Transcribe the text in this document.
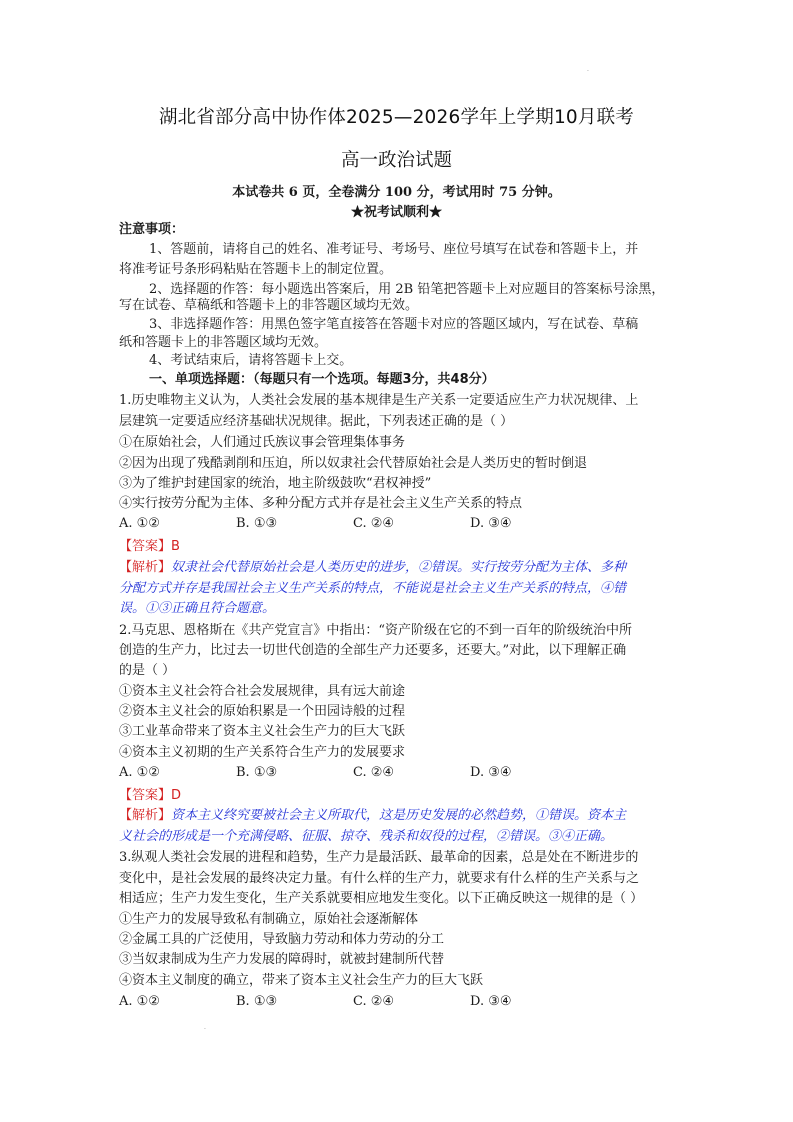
.
湖北省部分高中协作体2025—2026学年上学期10月联考
高一政治试题
本试卷共 6 页，全卷满分 100 分，考试用时 75 分钟。
★祝考试顺利★
注意事项：
1、答题前，请将自己的姓名、准考证号、考场号、座位号填写在试卷和答题卡上，并
将准考证号条形码粘贴在答题卡上的制定位置。
2、选择题的作答：每小题选出答案后，用 2B 铅笔把答题卡上对应题目的答案标号涂黑，
写在试卷、草稿纸和答题卡上的非答题区域均无效。
3、非选择题作答：用黑色签字笔直接答在答题卡对应的答题区域内，写在试卷、草稿
纸和答题卡上的非答题区域均无效。
4、考试结束后，请将答题卡上交。
一、单项选择题：（每题只有一个选项。每题3分，共48分）
1.历史唯物主义认为，人类社会发展的基本规律是生产关系一定要适应生产力状况规律、上
层建筑一定要适应经济基础状况规律。据此，下列表述正确的是（ ）
①在原始社会，人们通过氏族议事会管理集体事务
②因为出现了残酷剥削和压迫，所以奴隶社会代替原始社会是人类历史的暂时倒退
③为了维护封建国家的统治，地主阶级鼓吹“君权神授”
④实行按劳分配为主体、多种分配方式并存是社会主义生产关系的特点
A. ①②	B. ①③	C. ②④	D. ③④
【答案】B
【解析】奴隶社会代替原始社会是人类历史的进步，②错误。实行按劳分配为主体、多种
分配方式并存是我国社会主义生产关系的特点，不能说是社会主义生产关系的特点，④错
误。①③正确且符合题意。
2.马克思、恩格斯在《共产党宣言》中指出：“资产阶级在它的不到一百年的阶级统治中所
创造的生产力，比过去一切世代创造的全部生产力还要多，还要大。”对此，以下理解正确
的是（ ）
①资本主义社会符合社会发展规律，具有远大前途
②资本主义社会的原始积累是一个田园诗般的过程
③工业革命带来了资本主义社会生产力的巨大飞跃
④资本主义初期的生产关系符合生产力的发展要求
A. ①②	B. ①③	C. ②④	D. ③④
【答案】D
【解析】资本主义终究要被社会主义所取代，这是历史发展的必然趋势，①错误。资本主
义社会的形成是一个充满侵略、征服、掠夺、残杀和奴役的过程，②错误。③④正确。
3.纵观人类社会发展的进程和趋势，生产力是最活跃、最革命的因素，总是处在不断进步的
变化中，是社会发展的最终决定力量。有什么样的生产力，就要求有什么样的生产关系与之
相适应；生产力发生变化，生产关系就要相应地发生变化。以下正确反映这一规律的是（ ）
①生产力的发展导致私有制确立，原始社会逐渐解体
②金属工具的广泛使用，导致脑力劳动和体力劳动的分工
③当奴隶制成为生产力发展的障碍时，就被封建制所代替
④资本主义制度的确立，带来了资本主义社会生产力的巨大飞跃
A. ①②	B. ①③	C. ②④	D. ③④
.
